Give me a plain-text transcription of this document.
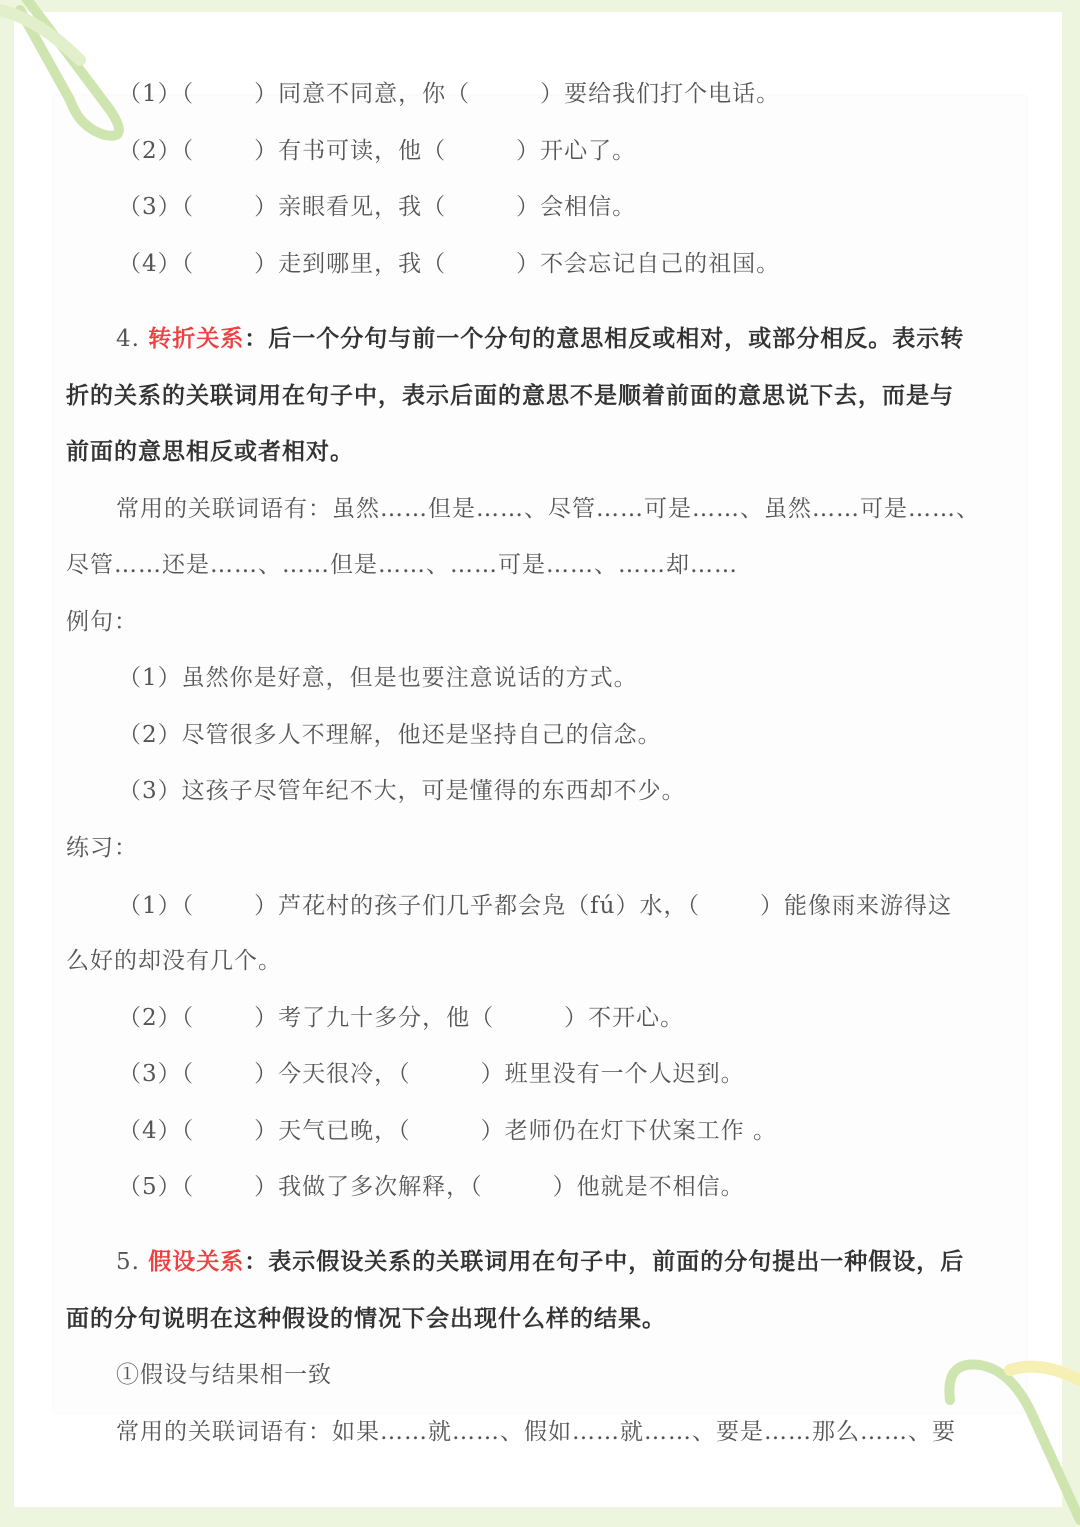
（1）（	）同意不同意，你（	）要给我们打个电话。
（2）（	）有书可读，他（	）开心了。
（3）（	）亲眼看见，我（	）会相信。
（4）（	）走到哪里，我（	）不会忘记自己的祖国。
4. 转折关系：后一个分句与前一个分句的意思相反或相对，或部分相反。表示转
折的关系的关联词用在句子中，表示后面的意思不是顺着前面的意思说下去，而是与
前面的意思相反或者相对。
常用的关联词语有：虽然……但是……、尽管……可是……、虽然……可是……、
尽管……还是……、……但是……、……可是……、……却……
例句：
（1）虽然你是好意，但是也要注意说话的方式。
（2）尽管很多人不理解，他还是坚持自己的信念。
（3）这孩子尽管年纪不大，可是懂得的东西却不少。
练习：
（1）（	）芦花村的孩子们几乎都会凫（fú）水，（	）能像雨来游得这
么好的却没有几个。
（2）（	）考了九十多分，他（	）不开心。
（3）（	）今天很冷，（	）班里没有一个人迟到。
（4）（	）天气已晚，（	）老师仍在灯下伏案工作 。
（5）（	）我做了多次解释，（	）他就是不相信。
5. 假设关系：表示假设关系的关联词用在句子中，前面的分句提出一种假设，后
面的分句说明在这种假设的情况下会出现什么样的结果。
①假设与结果相一致
常用的关联词语有：如果……就……、假如……就……、要是……那么……、要
